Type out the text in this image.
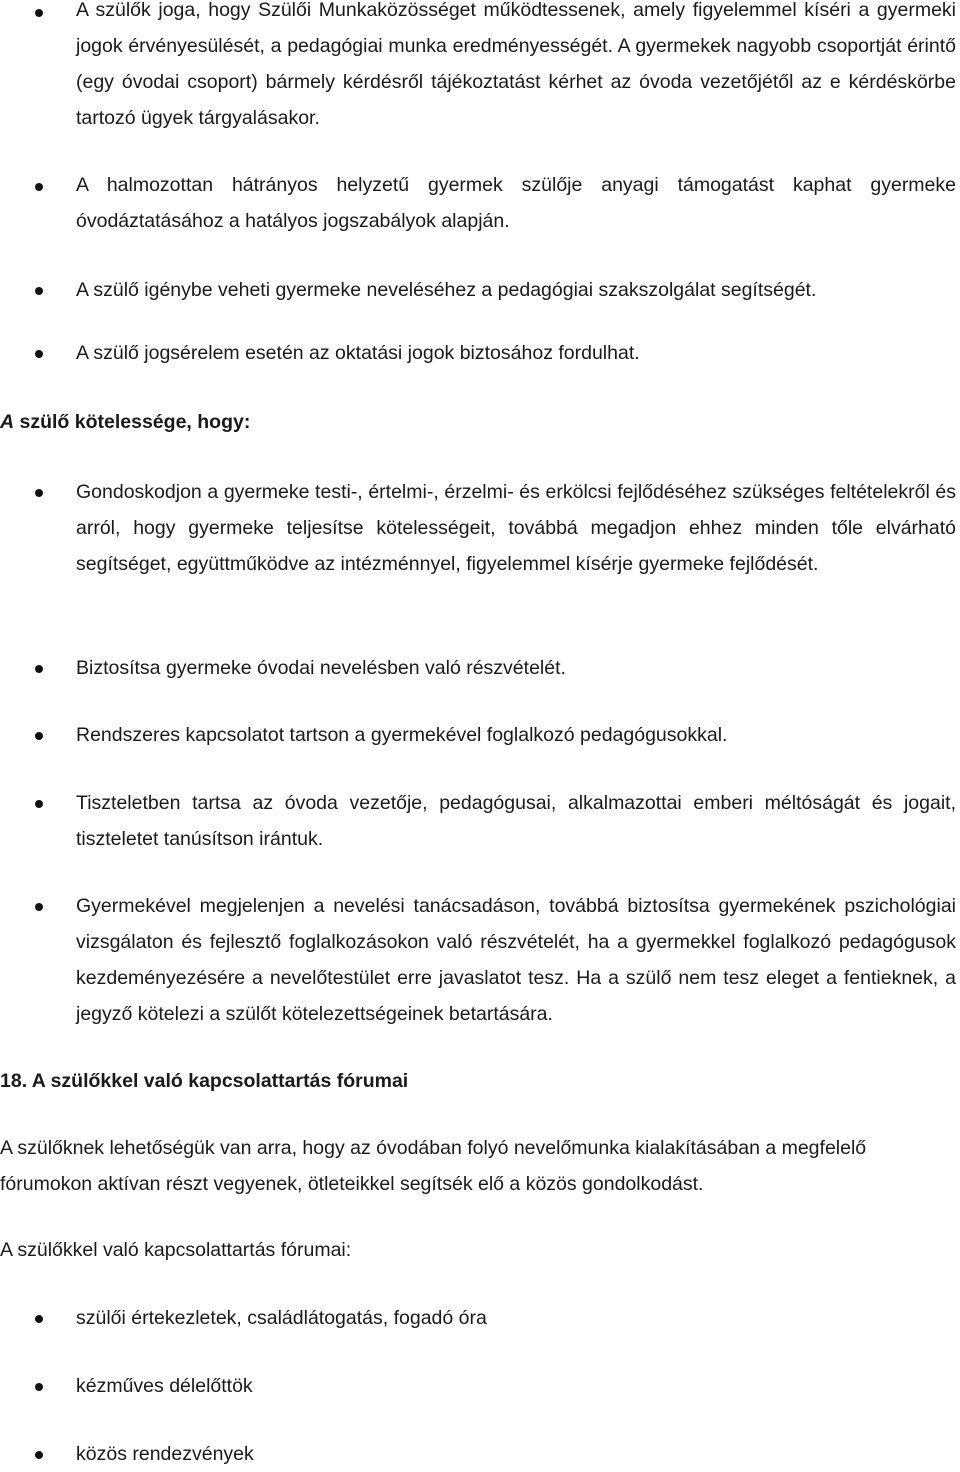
A szülők joga, hogy Szülői Munkaközösséget működtessenek, amely figyelemmel kíséri a gyermeki jogok érvényesülését, a pedagógiai munka eredményességét. A gyermekek nagyobb csoportját érintő (egy óvodai csoport) bármely kérdésről tájékoztatást kérhet az óvoda vezetőjétől az e kérdéskörbe tartozó ügyek tárgyalásakor.
A halmozottan hátrányos helyzetű gyermek szülője anyagi támogatást kaphat gyermeke óvodáztatásához a hatályos jogszabályok alapján.
A szülő igénybe veheti gyermeke neveléséhez a pedagógiai szakszolgálat segítségét.
A szülő jogsérelem esetén az oktatási jogok biztosához fordulhat.
A szülő kötelessége, hogy:
Gondoskodjon a gyermeke testi-, értelmi-, érzelmi- és erkölcsi fejlődéséhez szükséges feltételekről és arról, hogy gyermeke teljesítse kötelességeit, továbbá megadjon ehhez minden tőle elvárható segítséget, együttműködve az intézménnyel, figyelemmel kísérje gyermeke fejlődését.
Biztosítsa gyermeke óvodai nevelésben való részvételét.
Rendszeres kapcsolatot tartson a gyermekével foglalkozó pedagógusokkal.
Tiszteletben tartsa az óvoda vezetője, pedagógusai, alkalmazottai emberi méltóságát és jogait, tiszteletet tanúsítson irántuk.
Gyermekével megjelenjen a nevelési tanácsadáson, továbbá biztosítsa gyermekének pszichológiai vizsgálaton és fejlesztő foglalkozásokon való részvételét, ha a gyermekkel foglalkozó pedagógusok kezdeményezésére a nevelőtestület erre javaslatot tesz. Ha a szülő nem tesz eleget a fentieknek, a jegyző kötelezi a szülőt kötelezettségeinek betartására.
18. A szülőkkel való kapcsolattartás fórumai
A szülőknek lehetőségük van arra, hogy az óvodában folyó nevelőmunka kialakításában a megfelelő fórumokon aktívan részt vegyenek, ötleteikkel segítsék elő a közös gondolkodást.
A szülőkkel való kapcsolattartás fórumai:
szülői értekezletek, családlátogatás, fogadó óra
kézműves délelőttök
közös rendezvények
